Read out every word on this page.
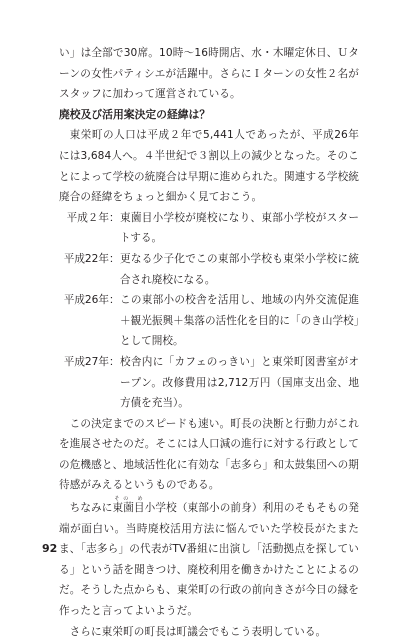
い」は全部で30席。10時〜16時開店、水・木曜定休日、Ｕターンの女性パティシエが活躍中。さらにＩターンの女性２名がスタッフに加わって運営されている。

廃校及び活用案決定の経緯は？

東栄町の人口は平成２年で5,441人であったが、平成26年には3,684人へ。４半世紀で３割以上の減少となった。そのことによって学校の統廃合は早期に進められた。関連する学校統廃合の経緯をちょっと細かく見ておこう。

平成２年 ： 東薗目小学校が廃校になり、東部小学校がスタートする。
平成22年 ： 更なる少子化でこの東部小学校も東栄小学校に統合され廃校になる。
平成26年 ： この東部小の校舎を活用し、地域の内外交流促進＋観光振興＋集落の活性化を目的に「のき山学校」として開校。
平成27年 ： 校舎内に「カフェのっきい」と東栄町図書室がオープン。改修費用は2,712万円（国庫支出金、地方債を充当）。

この決定までのスピードも速い。町長の決断と行動力がこれを進展させたのだ。そこには人口減の進行に対する行政としての危機感と、地域活性化に有効な「志多ら」和太鼓集団への期待感がみえるというものである。

ちなみに東薗目その め小学校（東部小の前身）利用のそもそもの発端が面白い。当時廃校活用方法に悩んでいた学校長がたまたま、「志多ら」の代表がTV番組に出演し「活動拠点を探している」という話を聞きつけ、廃校利用を働きかけたことによるのだ。そうした点からも、東栄町の行政の前向きさが今日の縁を作ったと言ってよいようだ。

さらに東栄町の町長は町議会でもこう表明している。

92
